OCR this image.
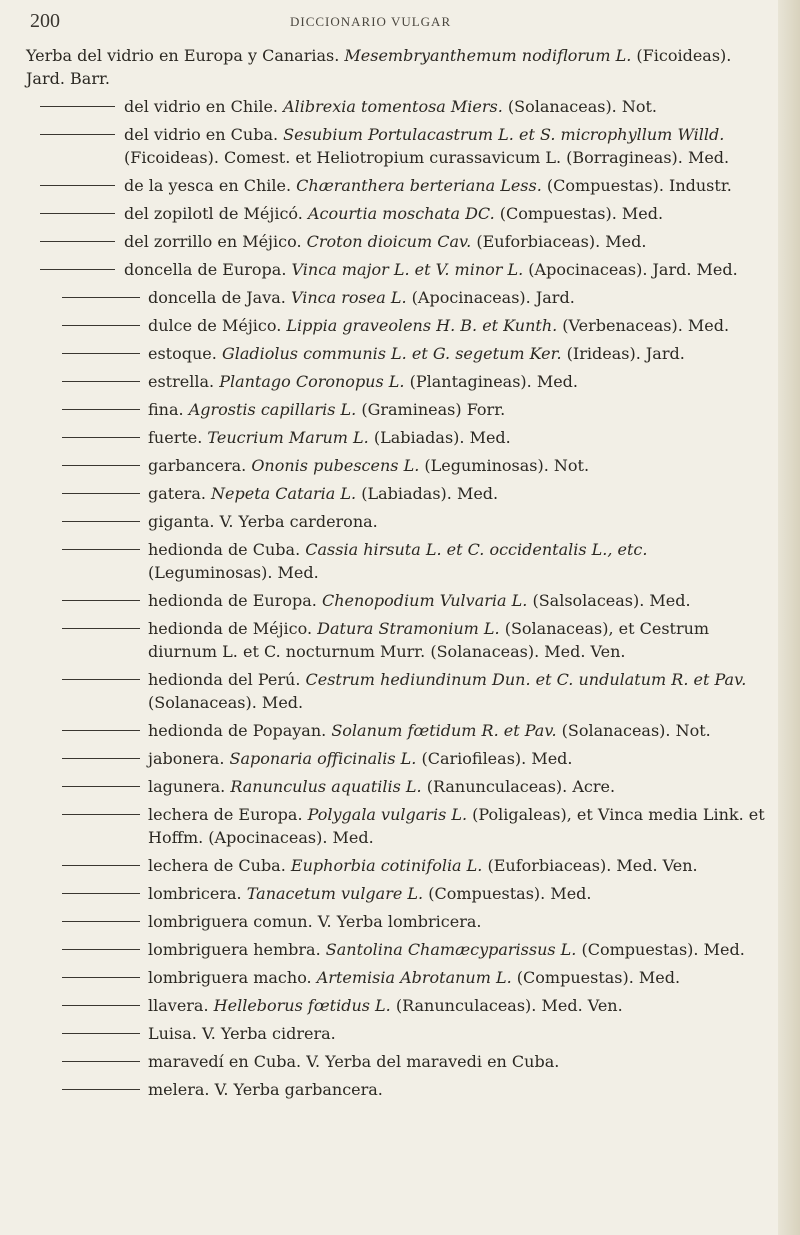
200	DICCIONARIO VULGAR

Yerba del vidrio en Europa y Canarias. Mesembryanthemum nodiflorum L. (Ficoideas). Jard. Barr.

del vidrio en Chile. Alibrexia tomentosa Miers. (Solanaceas). Not.

del vidrio en Cuba. Sesubium Portulacastrum L. et S. microphyllum Willd. (Ficoideas). Comest. et Heliotropium curassavicum L. (Borragineas). Med.

de la yesca en Chile. Chæranthera berteriana Less. (Compuestas). Industr.

del zopilotl de Méjicó. Acourtia moschata DC. (Compuestas). Med.

del zorrillo en Méjico. Croton dioicum Cav. (Euforbiaceas). Med.

doncella de Europa. Vinca major L. et V. minor L. (Apocinaceas). Jard. Med.

doncella de Java. Vinca rosea L. (Apocinaceas). Jard.

dulce de Méjico. Lippia graveolens H. B. et Kunth. (Verbenaceas). Med.

estoque. Gladiolus communis L. et G. segetum Ker. (Irideas). Jard.

estrella. Plantago Coronopus L. (Plantagineas). Med.

fina. Agrostis capillaris L. (Gramineas) Forr.

fuerte. Teucrium Marum L. (Labiadas). Med.

garbancera. Ononis pubescens L. (Leguminosas). Not.

gatera. Nepeta Cataria L. (Labiadas). Med.

giganta. V. Yerba carderona.

hedionda de Cuba. Cassia hirsuta L. et C. occidentalis L., etc. (Leguminosas). Med.

hedionda de Europa. Chenopodium Vulvaria L. (Salsolaceas). Med.

hedionda de Méjico. Datura Stramonium L. (Solanaceas), et Cestrum diurnum L. et C. nocturnum Murr. (Solanaceas). Med. Ven.

hedionda del Perú. Cestrum hediundinum Dun. et C. undulatum R. et Pav. (Solanaceas). Med.

hedionda de Popayan. Solanum fœtidum R. et Pav. (Solanaceas). Not.

jabonera. Saponaria officinalis L. (Cariofileas). Med.

lagunera. Ranunculus aquatilis L. (Ranunculaceas). Acre.

lechera de Europa. Polygala vulgaris L. (Poligaleas), et Vinca media Link. et Hoffm. (Apocinaceas). Med.

lechera de Cuba. Euphorbia cotinifolia L. (Euforbiaceas). Med. Ven.

lombricera. Tanacetum vulgare L. (Compuestas). Med.

lombriguera comun. V. Yerba lombricera.

lombriguera hembra. Santolina Chamæcyparissus L. (Compuestas). Med.

lombriguera macho. Artemisia Abrotanum L. (Compuestas). Med.

llavera. Helleborus fœtidus L. (Ranunculaceas). Med. Ven.

Luisa. V. Yerba cidrera.

maravedí en Cuba. V. Yerba del maravedi en Cuba.

melera. V. Yerba garbancera.
